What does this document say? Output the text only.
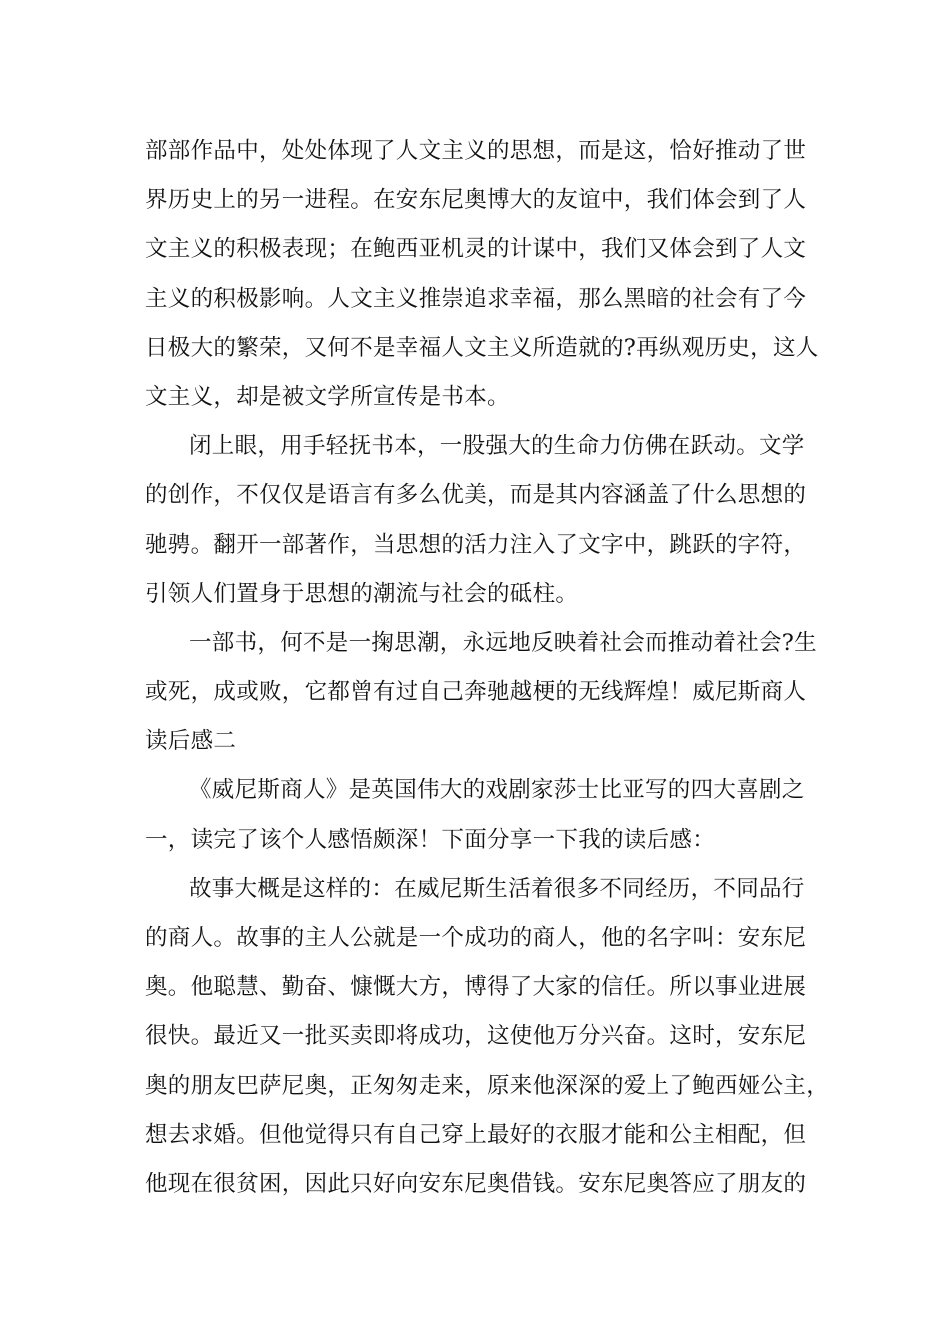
部部作品中，处处体现了人文主义的思想，而是这，恰好推动了世
界历史上的另一进程。在安东尼奥博大的友谊中，我们体会到了人
文主义的积极表现；在鲍西亚机灵的计谋中，我们又体会到了人文
主义的积极影响。人文主义推崇追求幸福，那么黑暗的社会有了今
日极大的繁荣，又何不是幸福人文主义所造就的?再纵观历史，这人
文主义，却是被文学所宣传是书本。
闭上眼，用手轻抚书本，一股强大的生命力仿佛在跃动。文学
的创作，不仅仅是语言有多么优美，而是其内容涵盖了什么思想的
驰骋。翻开一部著作，当思想的活力注入了文字中，跳跃的字符，
引领人们置身于思想的潮流与社会的砥柱。
一部书，何不是一掬思潮，永远地反映着社会而推动着社会?生
或死，成或败，它都曾有过自己奔驰越梗的无线辉煌！威尼斯商人
读后感二
《威尼斯商人》是英国伟大的戏剧家莎士比亚写的四大喜剧之
一，读完了该个人感悟颇深！下面分享一下我的读后感：
故事大概是这样的：在威尼斯生活着很多不同经历，不同品行
的商人。故事的主人公就是一个成功的商人，他的名字叫：安东尼
奥。他聪慧、勤奋、慷慨大方，博得了大家的信任。所以事业进展
很快。最近又一批买卖即将成功，这使他万分兴奋。这时，安东尼
奥的朋友巴萨尼奥，正匆匆走来，原来他深深的爱上了鲍西娅公主，
想去求婚。但他觉得只有自己穿上最好的衣服才能和公主相配，但
他现在很贫困，因此只好向安东尼奥借钱。安东尼奥答应了朋友的
